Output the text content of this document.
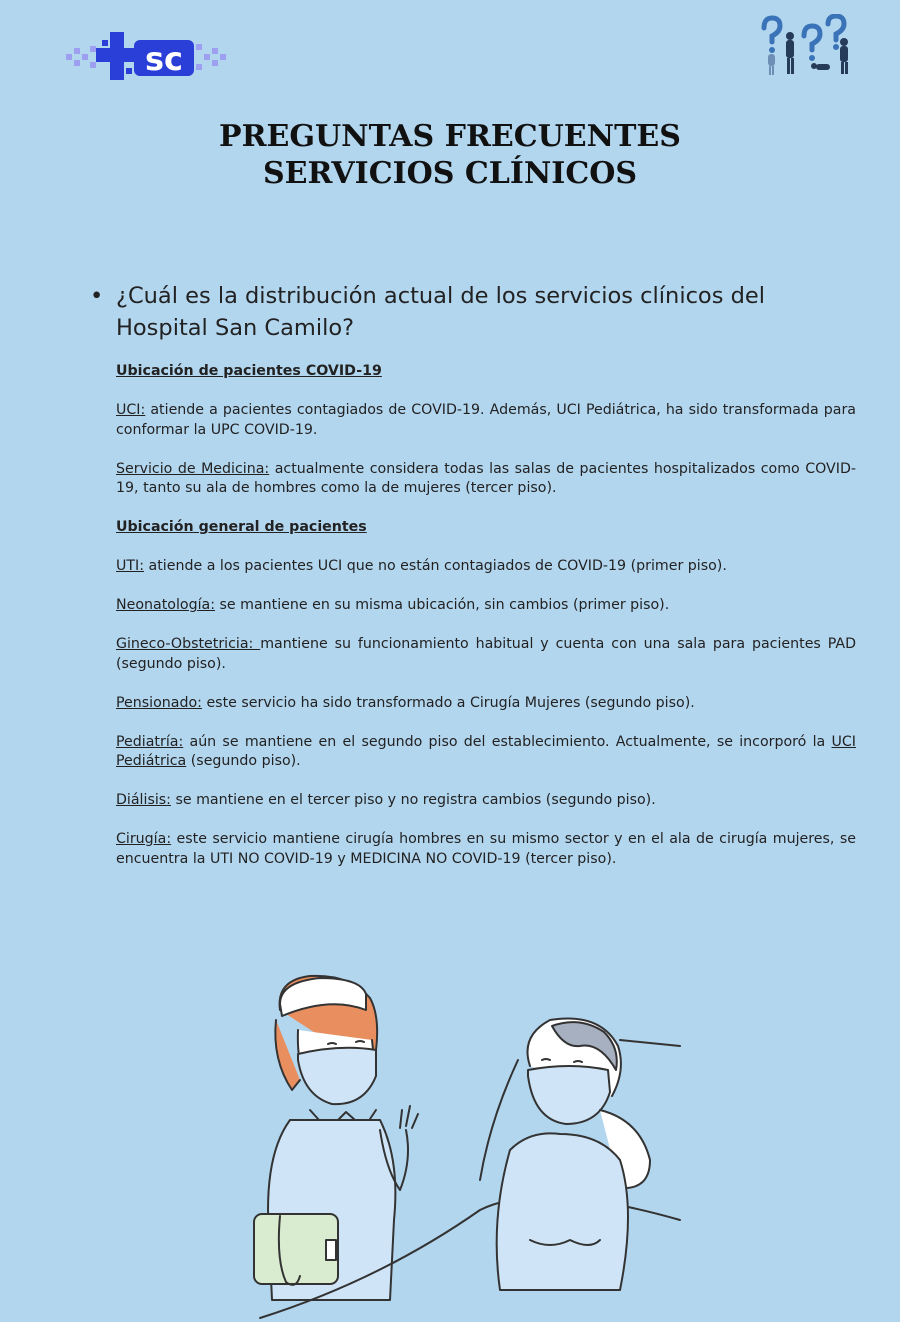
sc
PREGUNTAS FRECUENTES
SERVICIOS CLÍNICOS
• ¿Cuál es la distribución actual de los servicios clínicos del Hospital San Camilo?

Ubicación de pacientes COVID-19

UCI: atiende a pacientes contagiados de COVID-19. Además, UCI Pediátrica, ha sido transformada para conformar la UPC COVID-19.

Servicio de Medicina: actualmente considera todas las salas de pacientes hospitalizados como COVID-19, tanto su ala de hombres como la de mujeres (tercer piso).

Ubicación general de pacientes

UTI: atiende a los pacientes UCI que no están contagiados de COVID-19 (primer piso).

Neonatología: se mantiene en su misma ubicación, sin cambios (primer piso).

Gineco-Obstetricia: mantiene su funcionamiento habitual y cuenta con una sala para pacientes PAD (segundo piso).

Pensionado: este servicio ha sido transformado a Cirugía Mujeres (segundo piso).

Pediatría: aún se mantiene en el segundo piso del establecimiento. Actualmente, se incorporó la UCI Pediátrica (segundo piso).

Diálisis: se mantiene en el tercer piso y no registra cambios (segundo piso).

Cirugía: este servicio mantiene cirugía hombres en su mismo sector y en el ala de cirugía mujeres, se encuentra la UTI NO COVID-19 y MEDICINA NO COVID-19 (tercer piso).
